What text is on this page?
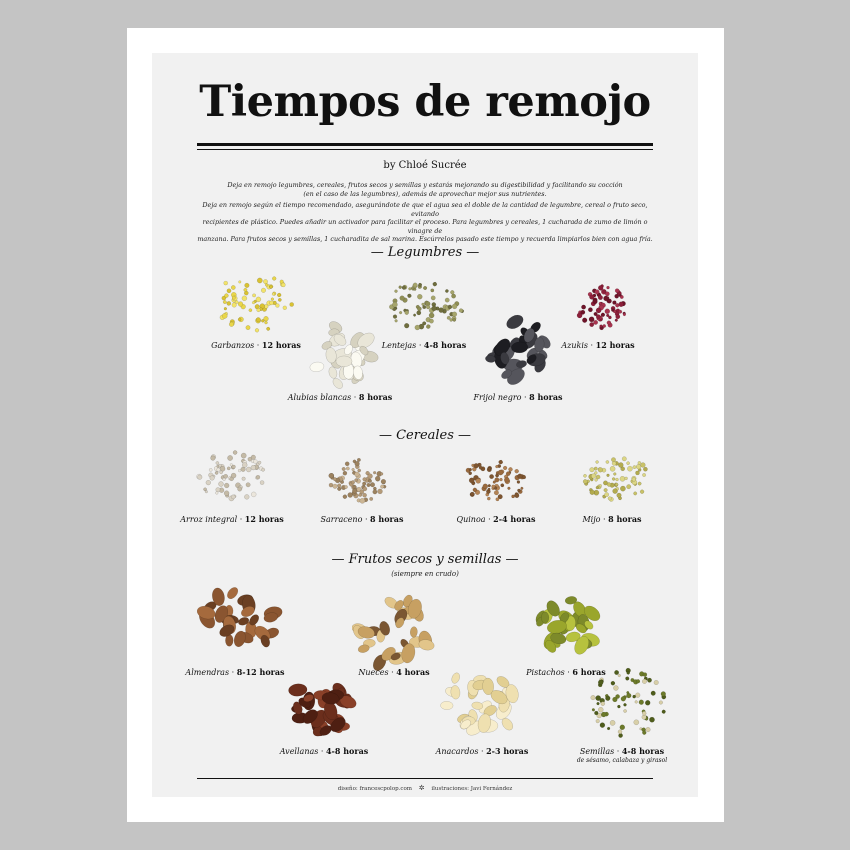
Tiempos de remojo
by Chloé Sucrée
Deja en remojo legumbres, cereales, frutos secos y semillas y estarás mejorando su digestibilidad y facilitando su cocción
(en el caso de las legumbres), además de aprovechar mejor sus nutrientes.
Deja en remojo según el tiempo recomendado, asegurándote de que el agua sea el doble de la cantidad de legumbre, cereal o fruto seco, evitando
recipientes de plástico. Puedes añadir un activador para facilitar el proceso. Para legumbres y cereales, 1 cucharada de zumo de limón o vinagre de
manzana. Para frutos secos y semillas, 1 cucharadita de sal marina. Escúrrelos pasado este tiempo y recuerda limpiarlos bien con agua fría.
— Legumbres —
— Cereales —
— Frutos secos y semillas —
(siempre en crudo)
Garbanzos · 12 horas
Alubias blancas · 8 horas
Lentejas · 4-8 horas
Frijol negro · 8 horas
Azukis · 12 horas
Arroz integral · 12 horas	Sarraceno · 8 horas	Quinoa · 2-4 horas	Mijo · 8 horas
Almendras · 8-12 horas	Nueces · 4 horas	Pistachos · 6 horas
Avellanas · 4-8 horas	Anacardos · 2-3 horas	Semillas · 4-8 horas
de sésamo, calabaza y girasol
diseño: francescpolop.com ✲ ilustraciones: Javi Fernández
